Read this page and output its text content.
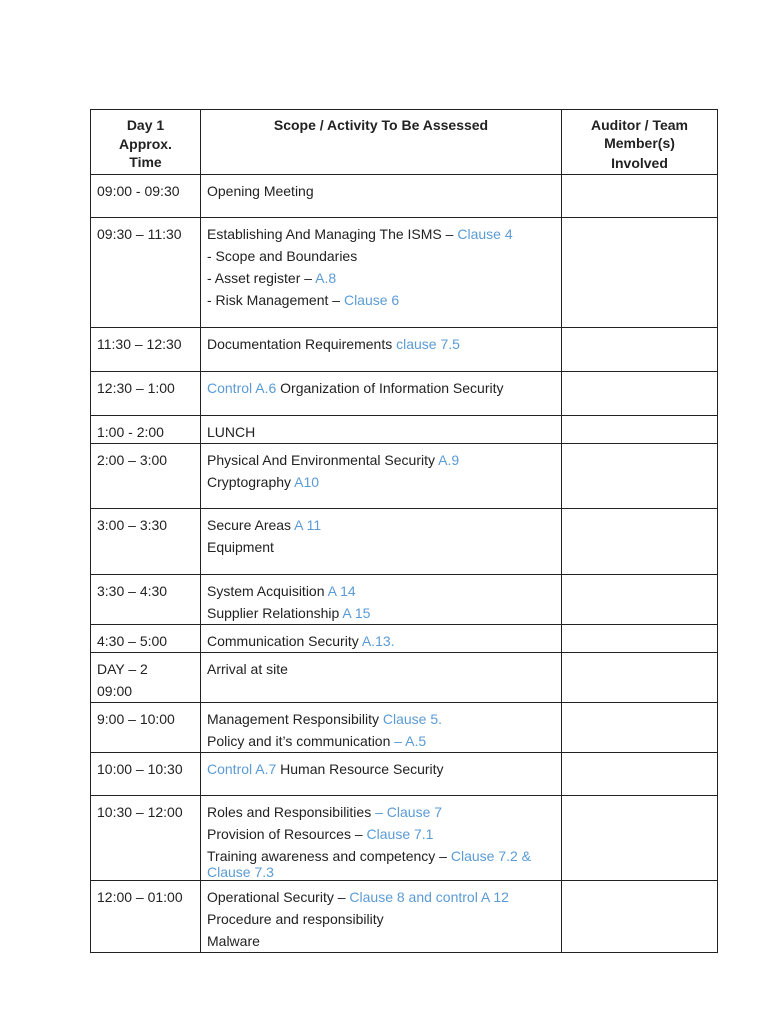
Day 1
Approx.
Time	Scope / Activity To Be Assessed	Auditor / Team
Member(s)
Involved

09:00 - 09:30	Opening Meeting	

09:30 – 11:30	Establishing And Managing The ISMS – Clause 4
- Scope and Boundaries
- Asset register – A.8
- Risk Management – Clause 6	

11:30 – 12:30	Documentation Requirements clause 7.5	

12:30 – 1:00	Control A.6 Organization of Information Security	

1:00 - 2:00	LUNCH	

2:00 – 3:00	Physical And Environmental Security A.9
Cryptography A10	

3:00 – 3:30	Secure Areas A 11
Equipment	

3:30 – 4:30	System Acquisition A 14
Supplier Relationship A 15	

4:30 – 5:00	Communication Security A.13.	

DAY – 2
09:00	Arrival at site	

9:00 – 10:00	Management Responsibility Clause 5.
Policy and it’s communication – A.5	

10:00 – 10:30	Control A.7 Human Resource Security	

10:30 – 12:00	Roles and Responsibilities – Clause 7
Provision of Resources – Clause 7.1
Training awareness and competency – Clause 7.2 & Clause 7.3	

12:00 – 01:00	Operational Security – Clause 8 and control A 12
Procedure and responsibility
Malware	
